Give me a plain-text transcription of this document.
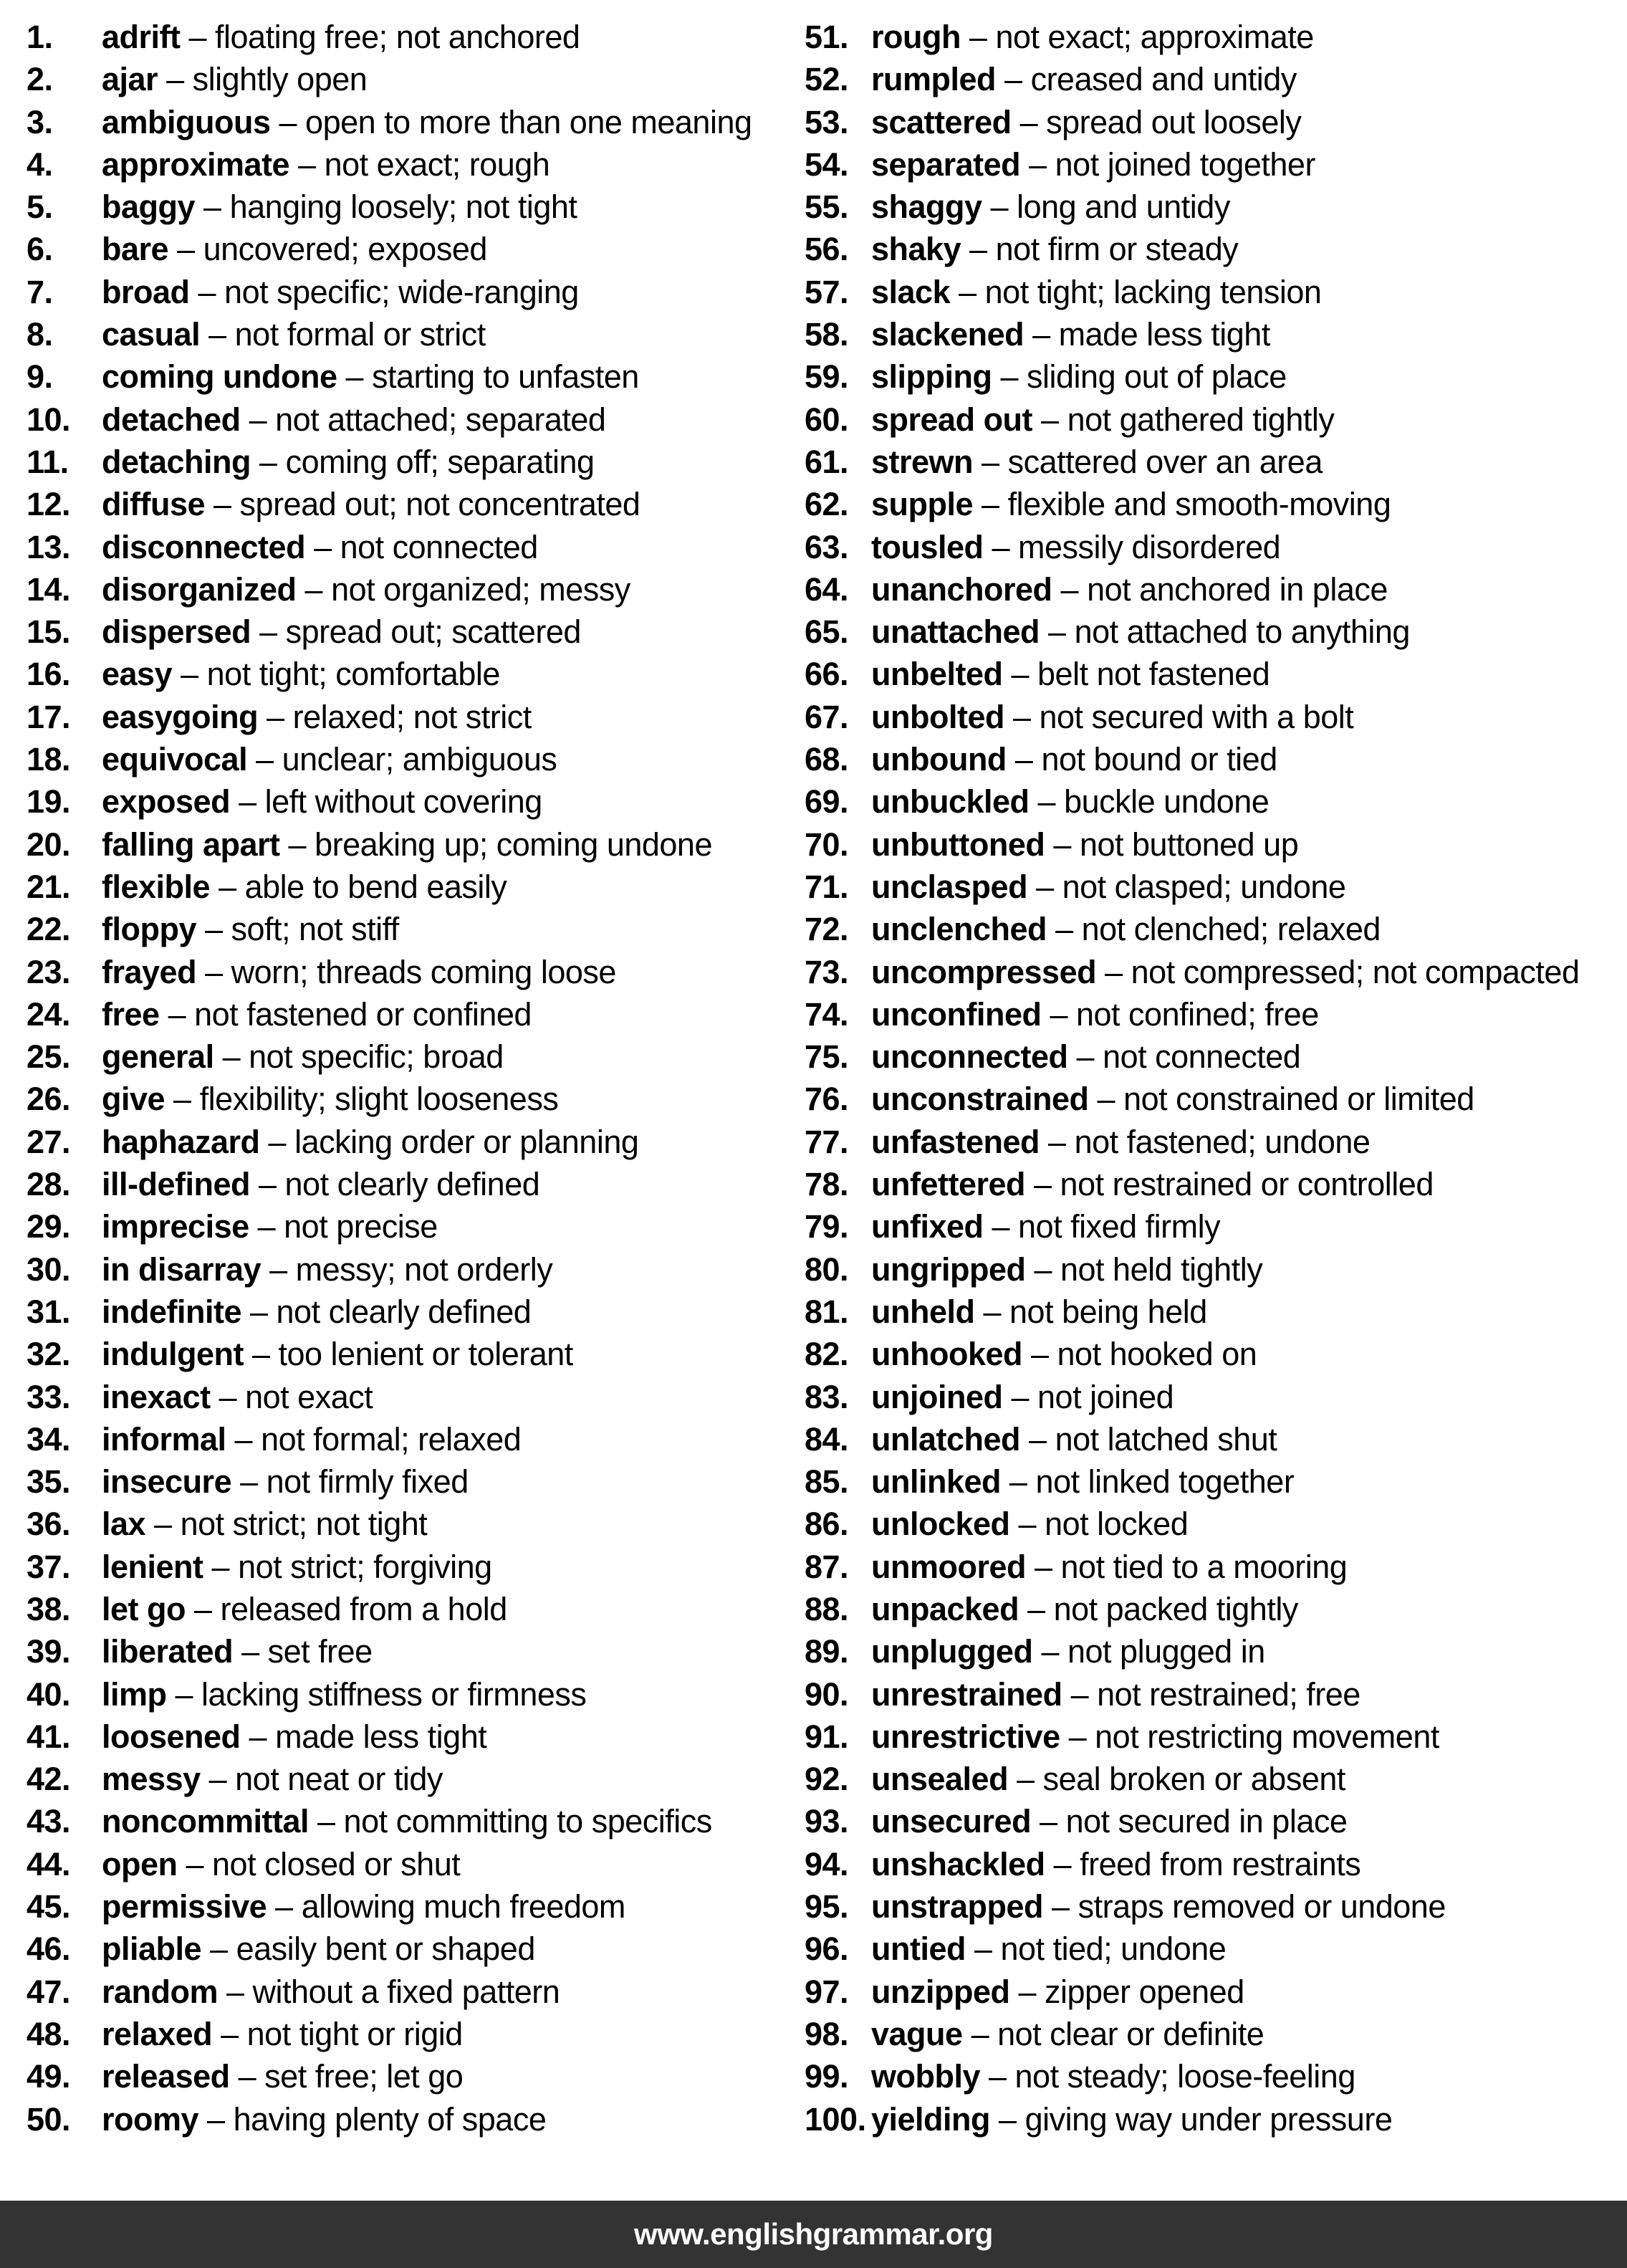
1.	adrift – floating free; not anchored
2.	ajar – slightly open
3.	ambiguous – open to more than one meaning
4.	approximate – not exact; rough
5.	baggy – hanging loosely; not tight
6.	bare – uncovered; exposed
7.	broad – not specific; wide-ranging
8.	casual – not formal or strict
9.	coming undone – starting to unfasten
10. detached – not attached; separated
11.	detaching – coming off; separating
12. diffuse – spread out; not concentrated
13. disconnected – not connected
14. disorganized – not organized; messy
15. dispersed – spread out; scattered
16. easy – not tight; comfortable
17. easygoing – relaxed; not strict
18. equivocal – unclear; ambiguous
19. exposed – left without covering
20. falling apart – breaking up; coming undone
21. flexible – able to bend easily
22. floppy – soft; not stiff
23. frayed – worn; threads coming loose
24. free – not fastened or confined
25. general – not specific; broad
26. give – flexibility; slight looseness
27. haphazard – lacking order or planning
28. ill-defined – not clearly defined
29. imprecise – not precise
30. in disarray – messy; not orderly
31. indefinite – not clearly defined
32. indulgent – too lenient or tolerant
33. inexact – not exact
34. informal – not formal; relaxed
35. insecure – not firmly fixed
36. lax – not strict; not tight
37. lenient – not strict; forgiving
38. let go – released from a hold
39. liberated – set free
40. limp – lacking stiffness or firmness
41. loosened – made less tight
42. messy – not neat or tidy
43. noncommittal – not committing to specifics
44. open – not closed or shut
45. permissive – allowing much freedom
46. pliable – easily bent or shaped
47. random – without a fixed pattern
48. relaxed – not tight or rigid
49. released – set free; let go
50. roomy – having plenty of space
51. rough – not exact; approximate
52. rumpled – creased and untidy
53. scattered – spread out loosely
54. separated – not joined together
55. shaggy – long and untidy
56. shaky – not firm or steady
57. slack – not tight; lacking tension
58. slackened – made less tight
59. slipping – sliding out of place
60. spread out – not gathered tightly
61. strewn – scattered over an area
62. supple – flexible and smooth-moving
63. tousled – messily disordered
64. unanchored – not anchored in place
65. unattached – not attached to anything
66. unbelted – belt not fastened
67. unbolted – not secured with a bolt
68. unbound – not bound or tied
69. unbuckled – buckle undone
70. unbuttoned – not buttoned up
71. unclasped – not clasped; undone
72. unclenched – not clenched; relaxed
73. uncompressed – not compressed; not compacted
74. unconfined – not confined; free
75. unconnected – not connected
76. unconstrained – not constrained or limited
77. unfastened – not fastened; undone
78. unfettered – not restrained or controlled
79. unfixed – not fixed firmly
80. ungripped – not held tightly
81. unheld – not being held
82. unhooked – not hooked on
83. unjoined – not joined
84. unlatched – not latched shut
85. unlinked – not linked together
86. unlocked – not locked
87. unmoored – not tied to a mooring
88. unpacked – not packed tightly
89. unplugged – not plugged in
90. unrestrained – not restrained; free
91. unrestrictive – not restricting movement
92. unsealed – seal broken or absent
93. unsecured – not secured in place
94. unshackled – freed from restraints
95. unstrapped – straps removed or undone
96. untied – not tied; undone
97. unzipped – zipper opened
98. vague – not clear or definite
99. wobbly – not steady; loose-feeling
100. yielding – giving way under pressure
www.englishgrammar.org
